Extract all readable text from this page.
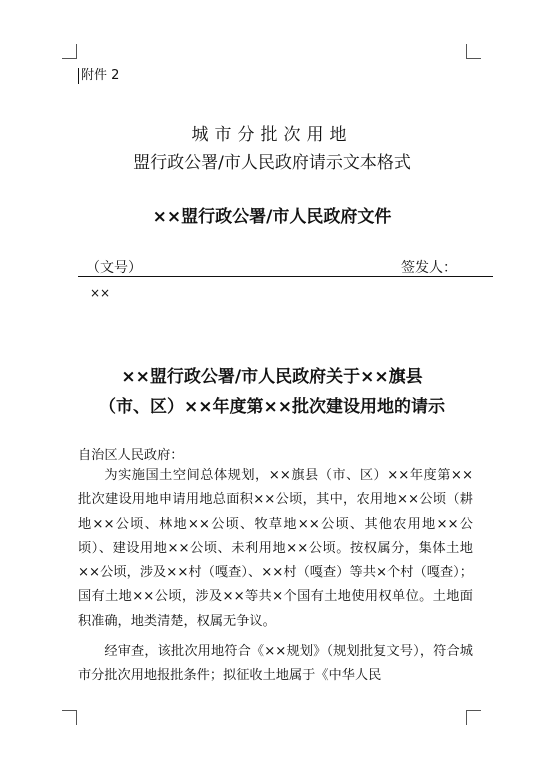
附件 2
城市分批次用地
盟行政公署/市人民政府请示文本格式
××盟行政公署/市人民政府文件
（文号）	签发人：
××
××盟行政公署/市人民政府关于××旗县
（市、区）××年度第××批次建设用地的请示
自治区人民政府：
为实施国土空间总体规划，××旗县（市、区）××年度第××批次建设用地申请用地总面积××公顷，其中，农用地××公顷（耕地××公顷、林地××公顷、牧草地××公顷、其他农用地××公顷）、建设用地××公顷、未利用地××公顷。按权属分，集体土地××公顷，涉及××村（嘎查）、××村（嘎查）等共×个村（嘎查）；国有土地××公顷，涉及××等共×个国有土地使用权单位。土地面积准确，地类清楚，权属无争议。
经审查，该批次用地符合《××规划》（规划批复文号），符合城市分批次用地报批条件；拟征收土地属于《中华人民
